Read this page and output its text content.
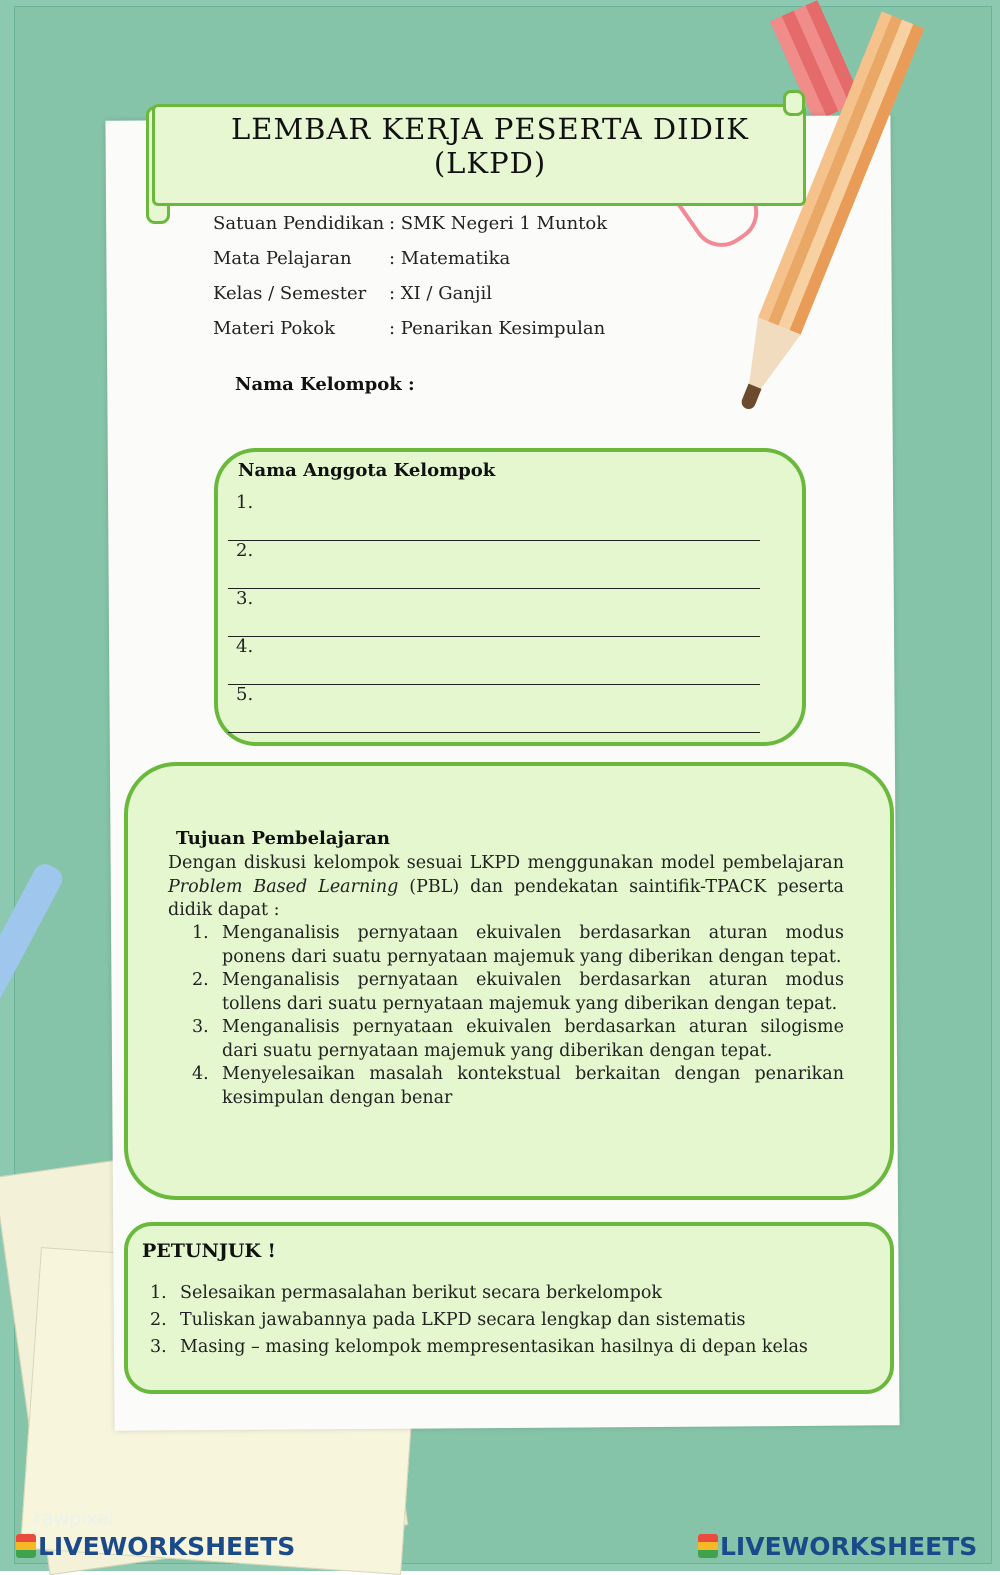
LEMBAR KERJA PESERTA DIDIK
(LKPD)
Satuan Pendidikan : SMK Negeri 1 Muntok
Mata Pelajaran	: Matematika
Kelas / Semester	: XI / Ganjil
Materi Pokok	: Penarikan Kesimpulan
Nama Kelompok :
Nama Anggota Kelompok
1.
2.
3.
4.
5.
Tujuan Pembelajaran
Dengan diskusi kelompok sesuai LKPD menggunakan model pembelajaran Problem Based Learning (PBL) dan pendekatan saintifik-TPACK peserta didik dapat :
1. Menganalisis pernyataan ekuivalen berdasarkan aturan modus ponens dari suatu pernyataan majemuk yang diberikan dengan tepat.
2. Menganalisis pernyataan ekuivalen berdasarkan aturan modus tollens dari suatu pernyataan majemuk yang diberikan dengan tepat.
3. Menganalisis pernyataan ekuivalen berdasarkan aturan silogisme dari suatu pernyataan majemuk yang diberikan dengan tepat.
4. Menyelesaikan masalah kontekstual berkaitan dengan penarikan kesimpulan dengan benar
PETUNJUK !
1. Selesaikan permasalahan berikut secara berkelompok
2. Tuliskan jawabannya pada LKPD secara lengkap dan sistematis
3. Masing – masing kelompok mempresentasikan hasilnya di depan kelas
rawpixel
LIVEWORKSHEETS	LIVEWORKSHEETS
